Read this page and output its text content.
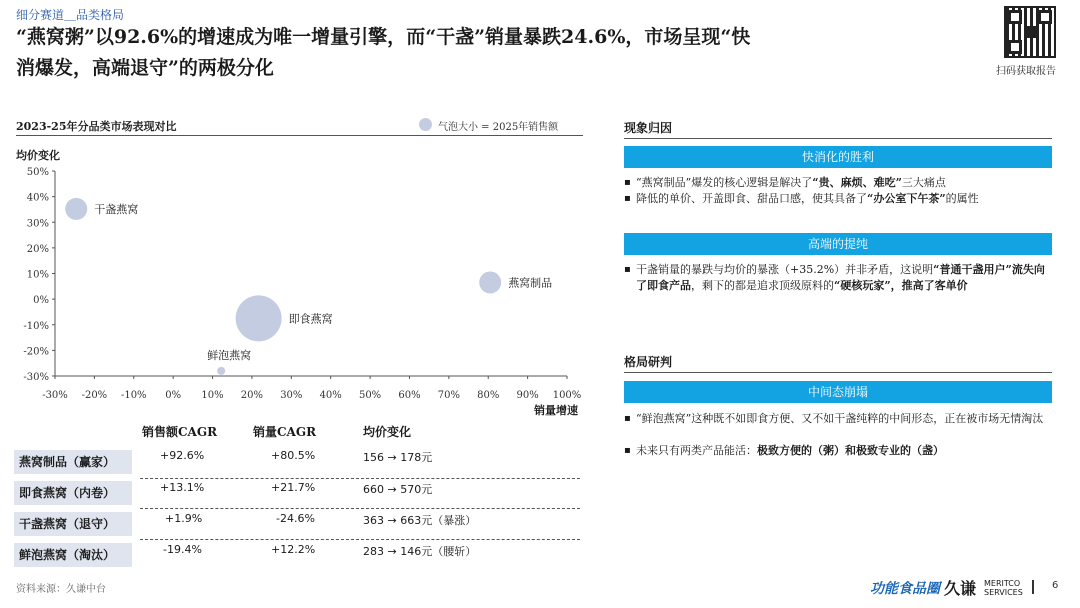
细分赛道＿品类格局
“燕窝粥”以92.6%的增速成为唯一增量引擎，而“干盏”销量暴跌24.6%，市场呈现“快
消爆发，高端退守”的两极分化	扫码获取报告
2023-25年分品类市场表现对比	气泡大小 = 2025年销售额
均价变化
50%
40%
30%
20%
10%
0%
-10%
-20%
-30%
-30% -20% -10% 0% 10% 20% 30% 40% 50% 60% 70% 80% 90% 100%
销量增速
干盏燕窝
燕窝制品
即食燕窝
鲜泡燕窝
销售额CAGR	销量CAGR	均价变化
燕窝制品（赢家）	+92.6%	+80.5%	156 → 178元
即食燕窝（内卷）	+13.1%	+21.7%	660 → 570元
干盏燕窝（退守）	+1.9%	-24.6%	363 → 663元（暴涨）
鲜泡燕窝（淘汰）	-19.4%	+12.2%	283 → 146元（腰斩）
资料来源：久谦中台
现象归因
快消化的胜利
▪ “燕窝制品”爆发的核心逻辑是解决了“贵、麻烦、难吃”三大痛点
▪ 降低的单价、开盖即食、甜品口感，使其具备了“办公室下午茶”的属性
高端的提纯
▪ 干盏销量的暴跌与均价的暴涨（+35.2%）并非矛盾，这说明“普通干盏用户”流失向了即食产品，剩下的都是追求顶级原料的“硬核玩家”，推高了客单价
格局研判
中间态崩塌
▪ “鲜泡燕窝”这种既不如即食方便、又不如干盏纯粹的中间形态，正在被市场无情淘汰
▪ 未来只有两类产品能活：极致方便的（粥）和极致专业的（盏）
功能食品圈 久谦 MERITCO
SERVICES
6
